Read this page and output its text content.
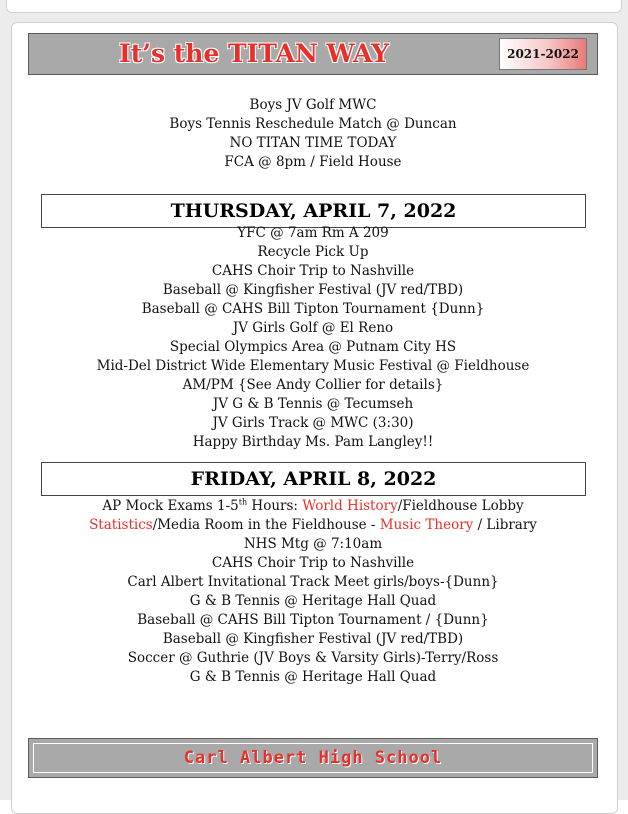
It’s the TITAN WAY	2021-2022
Boys JV Golf MWC
Boys Tennis Reschedule Match @ Duncan
NO TITAN TIME TODAY
FCA @ 8pm / Field House
THURSDAY, APRIL 7, 2022
YFC @ 7am Rm A 209
Recycle Pick Up
CAHS Choir Trip to Nashville
Baseball @ Kingfisher Festival (JV red/TBD)
Baseball @ CAHS Bill Tipton Tournament {Dunn}
JV Girls Golf @ El Reno
Special Olympics Area @ Putnam City HS
Mid-Del District Wide Elementary Music Festival @ Fieldhouse
AM/PM {See Andy Collier for details}
JV G & B Tennis @ Tecumseh
JV Girls Track @ MWC (3:30)
Happy Birthday Ms. Pam Langley!!
FRIDAY, APRIL 8, 2022
AP Mock Exams 1-5th Hours: World History/Fieldhouse Lobby
Statistics/Media Room in the Fieldhouse - Music Theory / Library
NHS Mtg @ 7:10am
CAHS Choir Trip to Nashville
Carl Albert Invitational Track Meet girls/boys-{Dunn}
G & B Tennis @ Heritage Hall Quad
Baseball @ CAHS Bill Tipton Tournament / {Dunn}
Baseball @ Kingfisher Festival (JV red/TBD)
Soccer @ Guthrie (JV Boys & Varsity Girls)-Terry/Ross
G & B Tennis @ Heritage Hall Quad
Carl Albert High School
